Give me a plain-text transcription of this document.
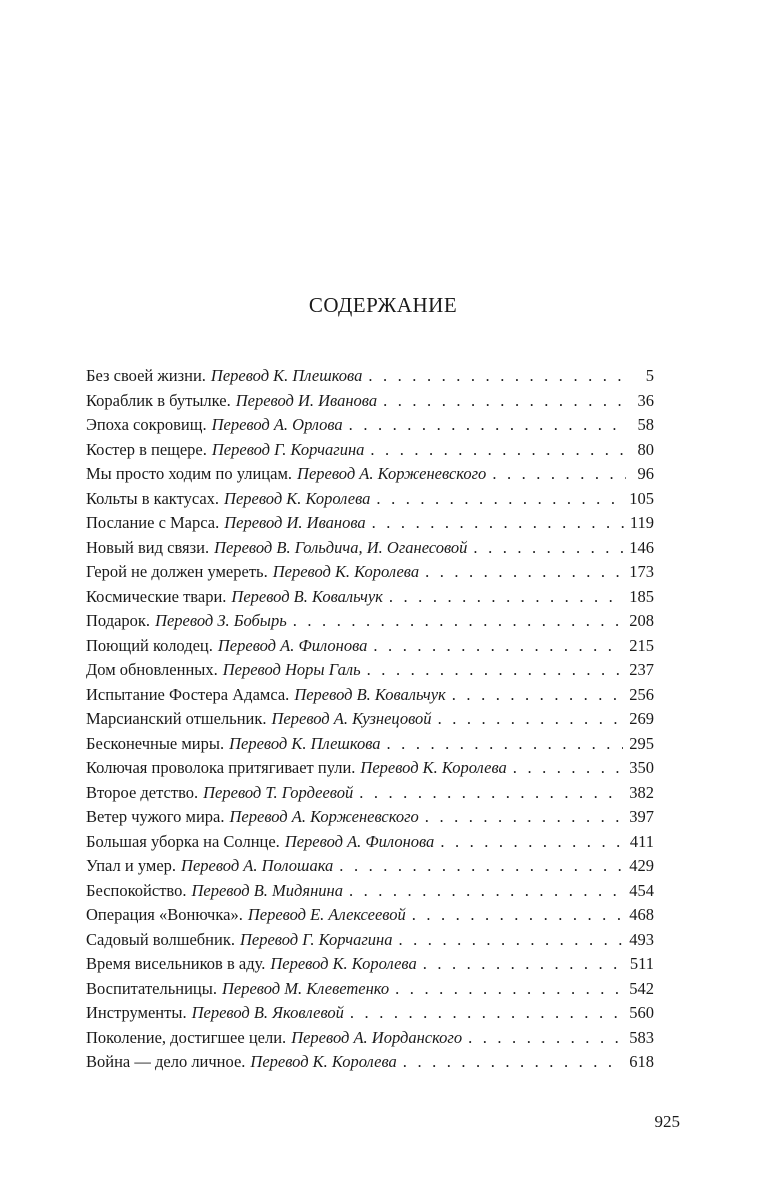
СОДЕРЖАНИЕ
Без своей жизни. Перевод К. Плешкова . . .	5
Кораблик в бутылке. Перевод И. Иванова . . .	36
Эпоха сокровищ. Перевод А. Орлова . . .	58
Костер в пещере. Перевод Г. Корчагина . . .	80
Мы просто ходим по улицам. Перевод А. Корженевского . . .	96
Кольты в кактусах. Перевод К. Королева . . .	105
Послание с Марса. Перевод И. Иванова . . .	119
Новый вид связи. Перевод В. Гольдича, И. Оганесовой . . .	146
Герой не должен умереть. Перевод К. Королева . . .	173
Космические твари. Перевод В. Ковальчук . . .	185
Подарок. Перевод З. Бобырь . . .	208
Поющий колодец. Перевод А. Филонова . . .	215
Дом обновленных. Перевод Норы Галь . . .	237
Испытание Фостера Адамса. Перевод В. Ковальчук . . .	256
Марсианский отшельник. Перевод А. Кузнецовой . . .	269
Бесконечные миры. Перевод К. Плешкова . . .	295
Колючая проволока притягивает пули. Перевод К. Королева . . .	350
Второе детство. Перевод Т. Гордеевой . . .	382
Ветер чужого мира. Перевод А. Корженевского . . .	397
Большая уборка на Солнце. Перевод А. Филонова . . .	411
Упал и умер. Перевод А. Полошака . . .	429
Беспокойство. Перевод В. Мидянина . . .	454
Операция «Вонючка». Перевод Е. Алексеевой . . .	468
Садовый волшебник. Перевод Г. Корчагина . . .	493
Время висельников в аду. Перевод К. Королева . . .	511
Воспитательницы. Перевод М. Клеветенко . . .	542
Инструменты. Перевод В. Яковлевой . . .	560
Поколение, достигшее цели. Перевод А. Иорданского . . .	583
Война — дело личное. Перевод К. Королева . . .	618
925
